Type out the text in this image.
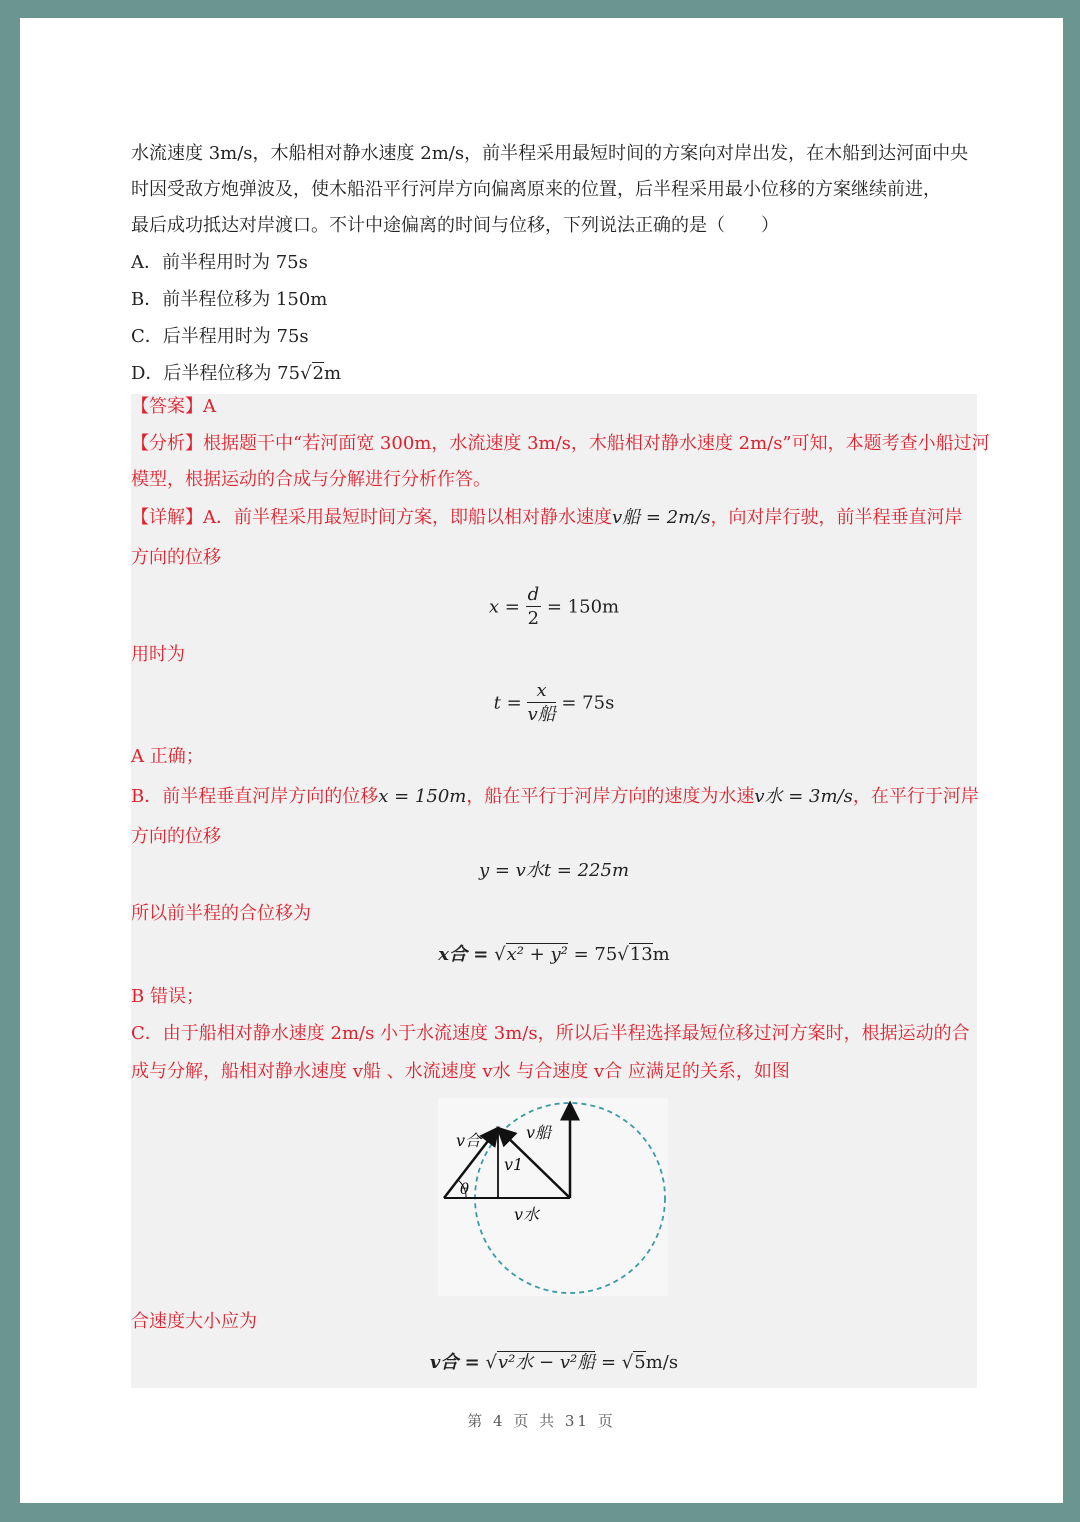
水流速度 3m/s，木船相对静水速度 2m/s，前半程采用最短时间的方案向对岸出发，在木船到达河面中央

时因受敌方炮弹波及，使木船沿平行河岸方向偏离原来的位置，后半程采用最小位移的方案继续前进，

最后成功抵达对岸渡口。不计中途偏离的时间与位移，下列说法正确的是（　　）

A．前半程用时为 75s

B．前半程位移为 150m

C．后半程用时为 75s

D．后半程位移为 75√2m

【答案】A
【分析】根据题干中“若河面宽 300m，水流速度 3m/s，木船相对静水速度 2m/s”可知，本题考查小船过河
模型，根据运动的合成与分解进行分析作答。
【详解】A．前半程采用最短时间方案，即船以相对静水速度v船 = 2m/s，向对岸行驶，前半程垂直河岸
方向的位移
$x = \frac{d}{2} = 150m$
用时为
$t = \frac{x}{\text{v船}} = 75s$
A 正确；
B．前半程垂直河岸方向的位移x = 150m，船在平行于河岸方向的速度为水速v水 = 3m/s，在平行于河岸
方向的位移
y = v水t = 225m
所以前半程的合位移为
x合 = √x² + y² = 75√13m
B 错误；
C．由于船相对静水速度 2m/s 小于水流速度 3m/s，所以后半程选择最短位移过河方案时，根据运动的合
成与分解，船相对静水速度 v船 、水流速度 v水 与合速度 v合 应满足的关系，如图
v合	v船
v1
θ
v水
合速度大小应为
v合 = √v²水 − v²船 = √5m/s
第 4 页 共 31 页
